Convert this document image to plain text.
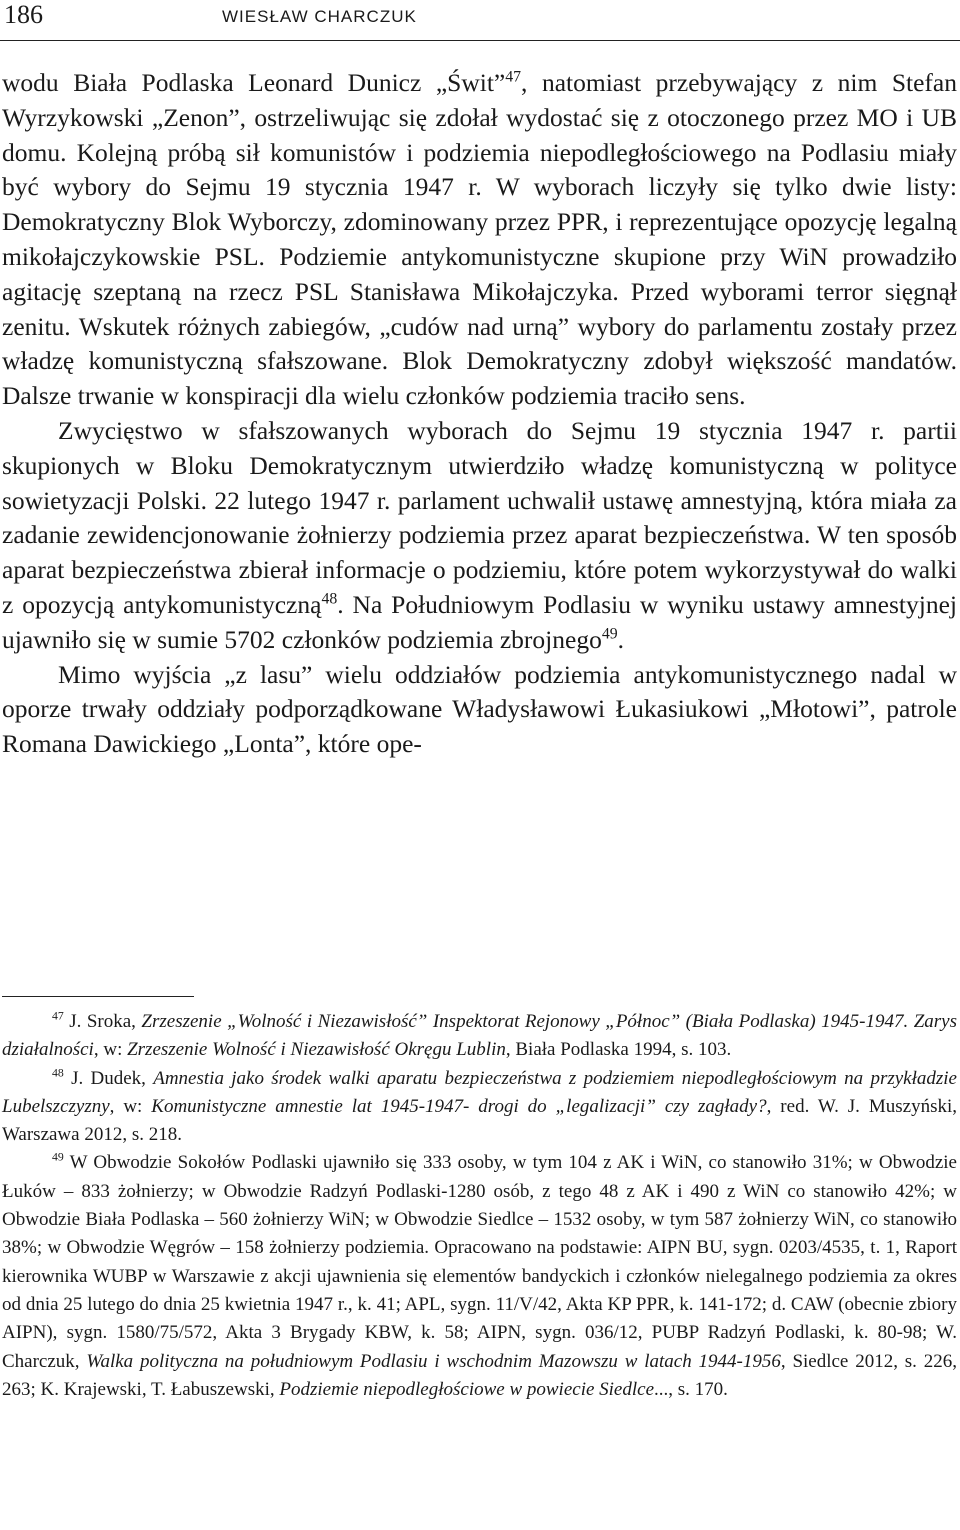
186	WIESŁAW CHARCZUK

wodu Biała Podlaska Leonard Dunicz „Świt”$^{47}$, natomiast przebywający z nim Stefan Wyrzykowski „Zenon”, ostrzeliwując się zdołał wydostać się z otoczonego przez MO i UB domu. Kolejną próbą sił komunistów i podziemia niepodległościowego na Podlasiu miały być wybory do Sejmu 19 stycznia 1947 r. W wyborach liczyły się tylko dwie listy: Demokratyczny Blok Wyborczy, zdominowany przez PPR, i reprezentujące opozycję legalną mikołajczykowskie PSL. Podziemie antykomunistyczne skupione przy WiN prowadziło agitację szeptaną na rzecz PSL Stanisława Mikołajczyka. Przed wyborami terror sięgnął zenitu. Wskutek różnych zabiegów, „cudów nad urną” wybory do parlamentu zostały przez władzę komunistyczną sfałszowane. Blok Demokratyczny zdobył większość mandatów. Dalsze trwanie w konspiracji dla wielu członków podziemia traciło sens.

Zwycięstwo w sfałszowanych wyborach do Sejmu 19 stycznia 1947 r. partii skupionych w Bloku Demokratycznym utwierdziło władzę komunistyczną w polityce sowietyzacji Polski. 22 lutego 1947 r. parlament uchwalił ustawę amnestyjną, która miała za zadanie zewidencjonowanie żołnierzy podziemia przez aparat bezpieczeństwa. W ten sposób aparat bezpieczeństwa zbierał informacje o podziemiu, które potem wykorzystywał do walki z opozycją antykomunistyczną$^{48}$. Na Południowym Podlasiu w wyniku ustawy amnestyjnej ujawniło się w sumie 5702 członków podziemia zbrojnego$^{49}$.

Mimo wyjścia „z lasu” wielu oddziałów podziemia antykomunistycznego nadal w oporze trwały oddziały podporządkowane Władysławowi Łukasiukowi „Młotowi”, patrole Romana Dawickiego „Lonta”, które ope-

$^{47}$ J. Sroka, Zrzeszenie „Wolność i Niezawisłość” Inspektorat Rejonowy „Północ” (Biała Podlaska) 1945-1947. Zarys działalności, w: Zrzeszenie Wolność i Niezawisłość Okręgu Lublin, Biała Podlaska 1994, s. 103.

$^{48}$ J. Dudek, Amnestia jako środek walki aparatu bezpieczeństwa z podziemiem niepodległościowym na przykładzie Lubelszczyzny, w: Komunistyczne amnestie lat 1945-1947- drogi do „legalizacji” czy zagłady?, red. W. J. Muszyński, Warszawa 2012, s. 218.

$^{49}$ W Obwodzie Sokołów Podlaski ujawniło się 333 osoby, w tym 104 z AK i WiN, co stanowiło 31%; w Obwodzie Łuków – 833 żołnierzy; w Obwodzie Radzyń Podlaski-1280 osób, z tego 48 z AK i 490 z WiN co stanowiło 42%; w Obwodzie Biała Podlaska – 560 żołnierzy WiN; w Obwodzie Siedlce – 1532 osoby, w tym 587 żołnierzy WiN, co stanowiło 38%; w Obwodzie Węgrów – 158 żołnierzy podziemia. Opracowano na podstawie: AIPN BU, sygn. 0203/4535, t. 1, Raport kierownika WUBP w Warszawie z akcji ujawnienia się elementów bandyckich i członków nielegalnego podziemia za okres od dnia 25 lutego do dnia 25 kwietnia 1947 r., k. 41; APL, sygn. 11/V/42, Akta KP PPR, k. 141-172; d. CAW (obecnie zbiory AIPN), sygn. 1580/75/572, Akta 3 Brygady KBW, k. 58; AIPN, sygn. 036/12, PUBP Radzyń Podlaski, k. 80-98; W. Charczuk, Walka polityczna na południowym Podlasiu i wschodnim Mazowszu w latach 1944-1956, Siedlce 2012, s. 226, 263; K. Krajewski, T. Łabuszewski, Podziemie niepodległościowe w powiecie Siedlce..., s. 170.
